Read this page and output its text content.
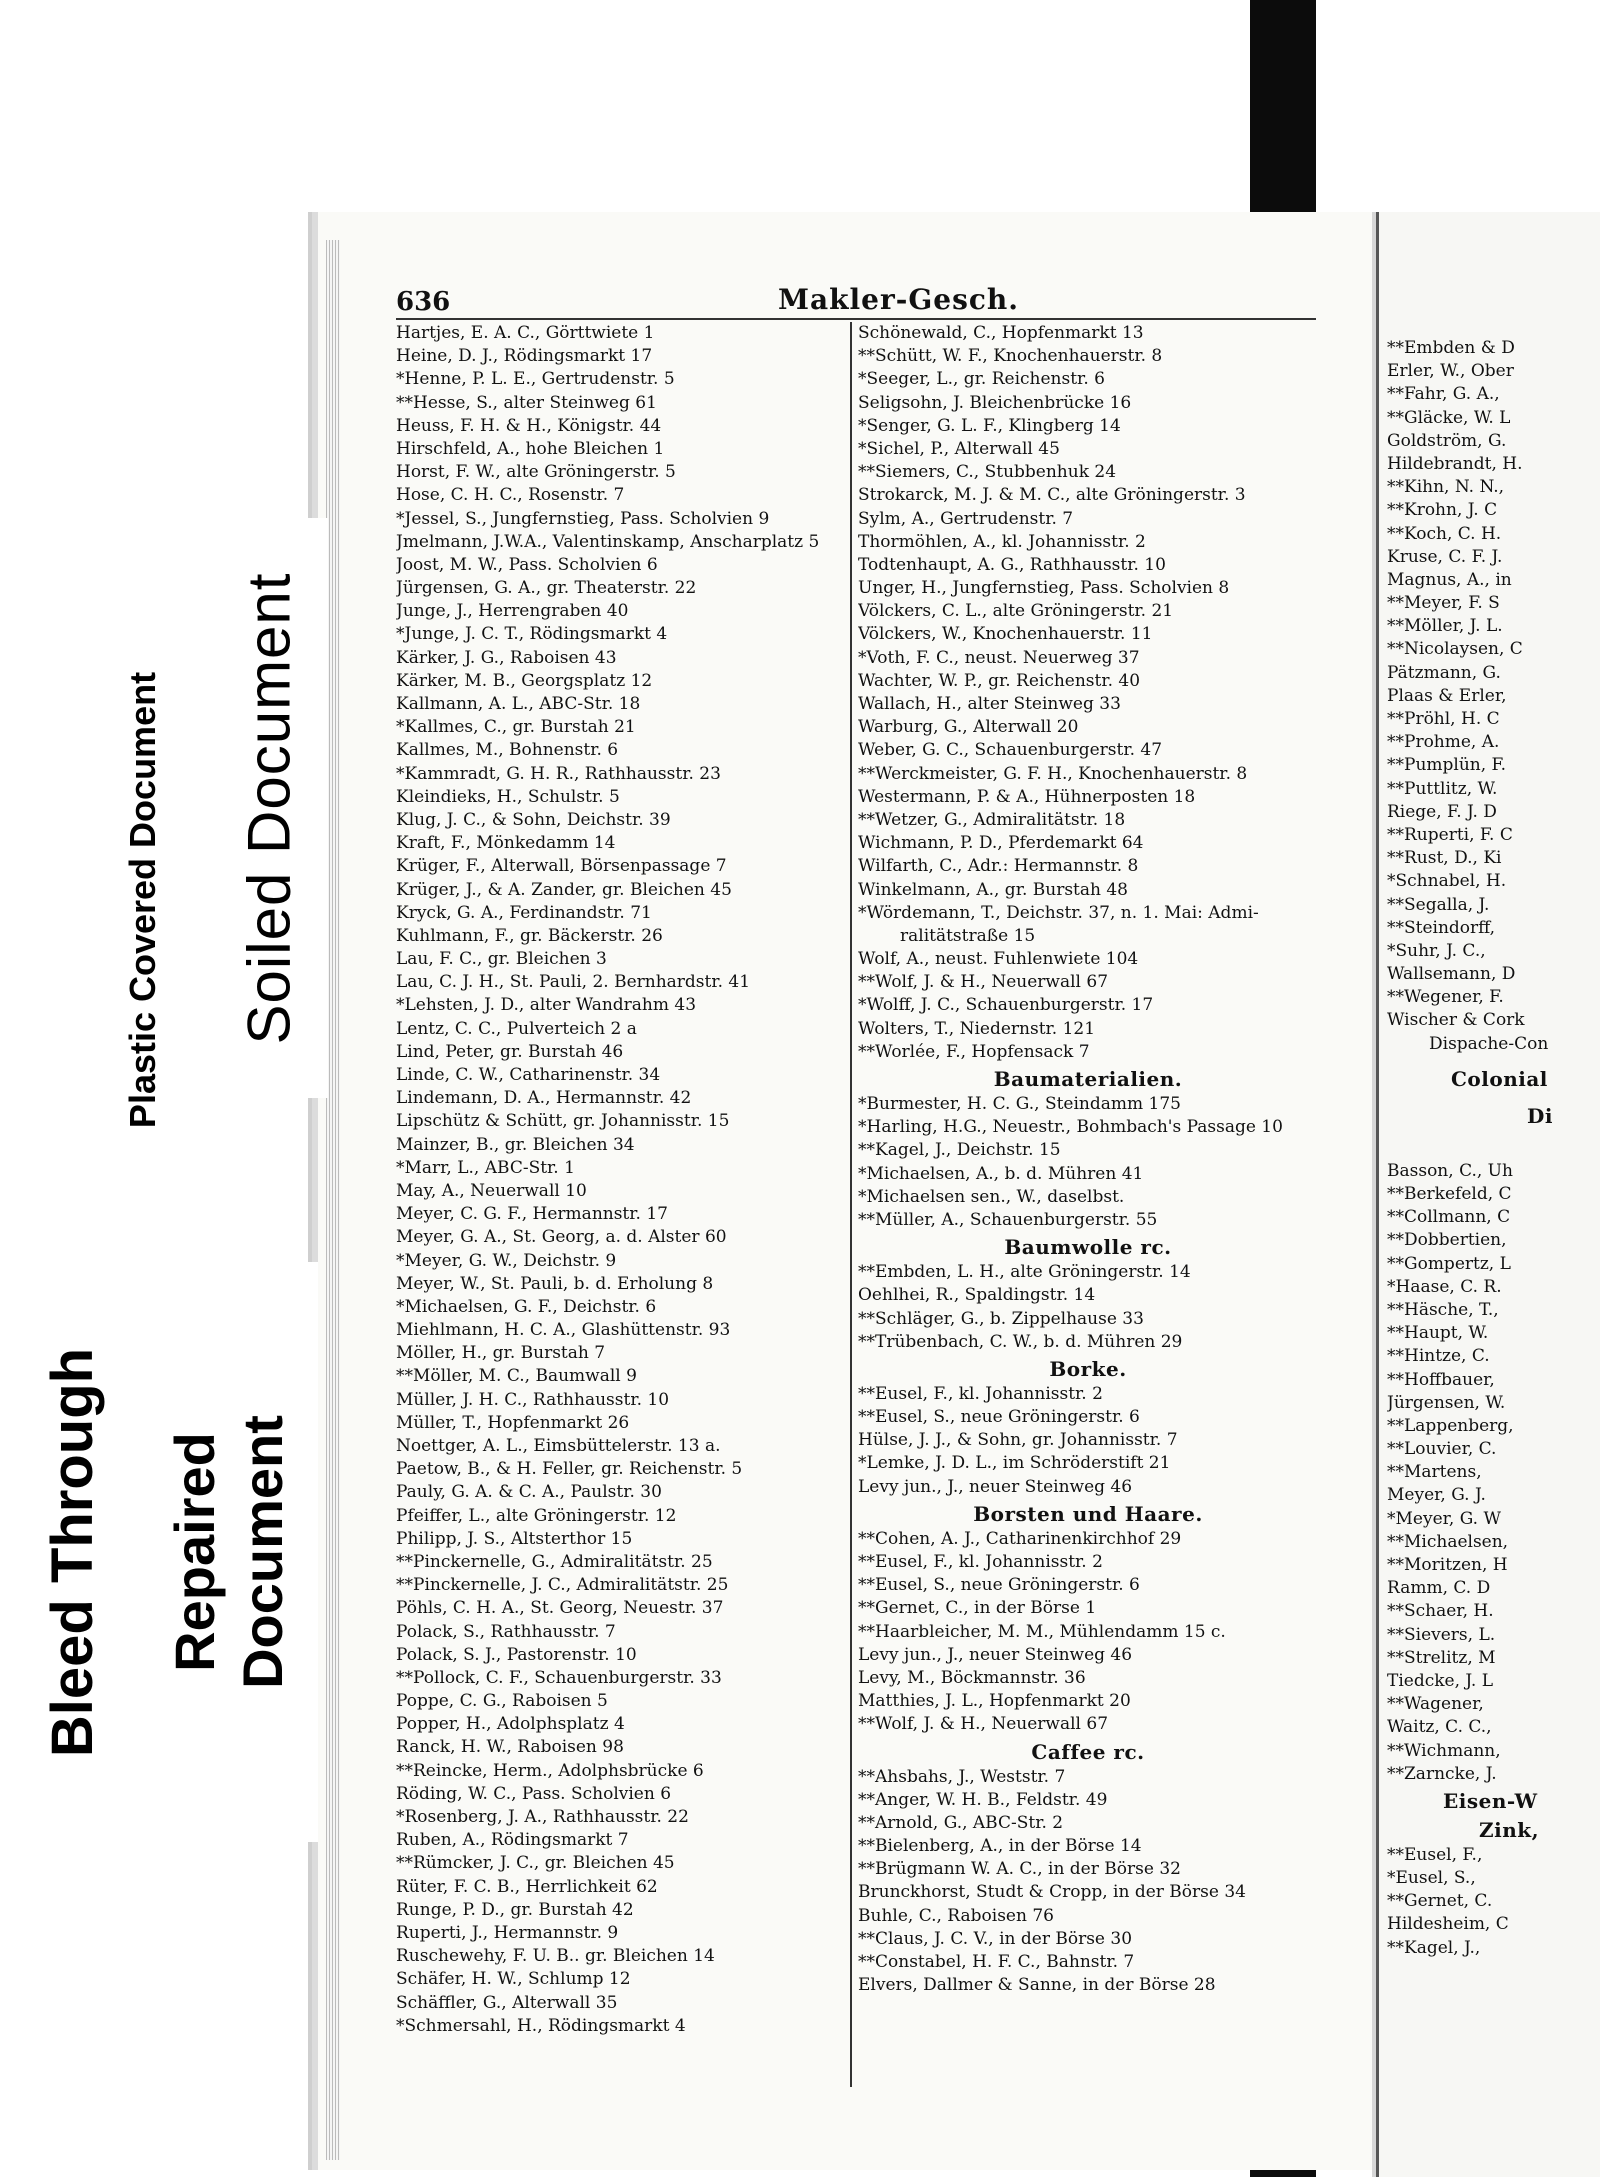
**Embden & D
Erler, W., Ober
**Fahr, G. A.,
**Gläcke, W. L
Goldström, G.
Hildebrandt, H.
**Kihn, N. N.,
**Krohn, J. C
**Koch, C. H.
Kruse, C. F. J.
Magnus, A., in
**Meyer, F. S
**Möller, J. L.
**Nicolaysen, C
Pätzmann, G.
Plaas & Erler,
**Pröhl, H. C
**Prohme, A.
**Pumplün, F.
**Puttlitz, W.
Riege, F. J. D
**Ruperti, F. C
**Rust, D., Ki
*Schnabel, H.
**Segalla, J.
**Steindorff,
*Suhr, J. C.,
Wallsemann, D
**Wegener, F.
Wischer & Cork
Dispache-Con
Colonial
Di
Basson, C., Uh
**Berkefeld, C
**Collmann, C
**Dobbertien,
**Gompertz, L
*Haase, C. R.
**Häsche, T.,
**Haupt, W.
**Hintze, C.
**Hoffbauer,
Jürgensen, W.
**Lappenberg,
**Louvier, C.
**Martens,
Meyer, G. J.
*Meyer, G. W
**Michaelsen,
**Moritzen, H
Ramm, C. D
**Schaer, H.
**Sievers, L.
**Strelitz, M
Tiedcke, J. L
**Wagener,
Waitz, C. C.,
**Wichmann,
**Zarncke, J.
Eisen-W
Zink,
**Eusel, F.,
*Eusel, S.,
**Gernet, C.
Hildesheim, C
**Kagel, J.,
636	Makler-Gesch.
Hartjes, E. A. C., Görttwiete 1
Heine, D. J., Rödingsmarkt 17
*Henne, P. L. E., Gertrudenstr. 5
**Hesse, S., alter Steinweg 61
Heuss, F. H. & H., Königstr. 44
Hirschfeld, A., hohe Bleichen 1
Horst, F. W., alte Gröningerstr. 5
Hose, C. H. C., Rosenstr. 7
*Jessel, S., Jungfernstieg, Pass. Scholvien 9
Jmelmann, J.W.A., Valentinskamp, Anscharplatz 5
Joost, M. W., Pass. Scholvien 6
Jürgensen, G. A., gr. Theaterstr. 22
Junge, J., Herrengraben 40
*Junge, J. C. T., Rödingsmarkt 4
Kärker, J. G., Raboisen 43
Kärker, M. B., Georgsplatz 12
Kallmann, A. L., ABC-Str. 18
*Kallmes, C., gr. Burstah 21
Kallmes, M., Bohnenstr. 6
*Kammradt, G. H. R., Rathhausstr. 23
Kleindieks, H., Schulstr. 5
Klug, J. C., & Sohn, Deichstr. 39
Kraft, F., Mönkedamm 14
Krüger, F., Alterwall, Börsenpassage 7
Krüger, J., & A. Zander, gr. Bleichen 45
Kryck, G. A., Ferdinandstr. 71
Kuhlmann, F., gr. Bäckerstr. 26
Lau, F. C., gr. Bleichen 3
Lau, C. J. H., St. Pauli, 2. Bernhardstr. 41
*Lehsten, J. D., alter Wandrahm 43
Lentz, C. C., Pulverteich 2 a
Lind, Peter, gr. Burstah 46
Linde, C. W., Catharinenstr. 34
Lindemann, D. A., Hermannstr. 42
Lipschütz & Schütt, gr. Johannisstr. 15
Mainzer, B., gr. Bleichen 34
*Marr, L., ABC-Str. 1
May, A., Neuerwall 10
Meyer, C. G. F., Hermannstr. 17
Meyer, G. A., St. Georg, a. d. Alster 60
*Meyer, G. W., Deichstr. 9
Meyer, W., St. Pauli, b. d. Erholung 8
*Michaelsen, G. F., Deichstr. 6
Miehlmann, H. C. A., Glashüttenstr. 93
Möller, H., gr. Burstah 7
**Möller, M. C., Baumwall 9
Müller, J. H. C., Rathhausstr. 10
Müller, T., Hopfenmarkt 26
Noettger, A. L., Eimsbüttelerstr. 13 a.
Paetow, B., & H. Feller, gr. Reichenstr. 5
Pauly, G. A. & C. A., Paulstr. 30
Pfeiffer, L., alte Gröningerstr. 12
Philipp, J. S., Altsterthor 15
**Pinckernelle, G., Admiralitätstr. 25
**Pinckernelle, J. C., Admiralitätstr. 25
Pöhls, C. H. A., St. Georg, Neuestr. 37
Polack, S., Rathhausstr. 7
Polack, S. J., Pastorenstr. 10
**Pollock, C. F., Schauenburgerstr. 33
Poppe, C. G., Raboisen 5
Popper, H., Adolphsplatz 4
Ranck, H. W., Raboisen 98
**Reincke, Herm., Adolphsbrücke 6
Röding, W. C., Pass. Scholvien 6
*Rosenberg, J. A., Rathhausstr. 22
Ruben, A., Rödingsmarkt 7
**Rümcker, J. C., gr. Bleichen 45
Rüter, F. C. B., Herrlichkeit 62
Runge, P. D., gr. Burstah 42
Ruperti, J., Hermannstr. 9
Ruschewehy, F. U. B.. gr. Bleichen 14
Schäfer, H. W., Schlump 12
Schäffler, G., Alterwall 35
*Schmersahl, H., Rödingsmarkt 4
Schönewald, C., Hopfenmarkt 13
**Schütt, W. F., Knochenhauerstr. 8
*Seeger, L., gr. Reichenstr. 6
Seligsohn, J. Bleichenbrücke 16
*Senger, G. L. F., Klingberg 14
*Sichel, P., Alterwall 45
**Siemers, C., Stubbenhuk 24
Strokarck, M. J. & M. C., alte Gröningerstr. 3
Sylm, A., Gertrudenstr. 7
Thormöhlen, A., kl. Johannisstr. 2
Todtenhaupt, A. G., Rathhausstr. 10
Unger, H., Jungfernstieg, Pass. Scholvien 8
Völckers, C. L., alte Gröningerstr. 21
Völckers, W., Knochenhauerstr. 11
*Voth, F. C., neust. Neuerweg 37
Wachter, W. P., gr. Reichenstr. 40
Wallach, H., alter Steinweg 33
Warburg, G., Alterwall 20
Weber, G. C., Schauenburgerstr. 47
**Werckmeister, G. F. H., Knochenhauerstr. 8
Westermann, P. & A., Hühnerposten 18
**Wetzer, G., Admiralitätstr. 18
Wichmann, P. D., Pferdemarkt 64
Wilfarth, C., Adr.: Hermannstr. 8
Winkelmann, A., gr. Burstah 48
*Wördemann, T., Deichstr. 37, n. 1. Mai: Admi-
ralitätstraße 15
Wolf, A., neust. Fuhlenwiete 104
**Wolf, J. & H., Neuerwall 67
*Wolff, J. C., Schauenburgerstr. 17
Wolters, T., Niedernstr. 121
**Worlée, F., Hopfensack 7
Baumaterialien.
*Burmester, H. C. G., Steindamm 175
*Harling, H.G., Neuestr., Bohmbach's Passage 10
**Kagel, J., Deichstr. 15
*Michaelsen, A., b. d. Mühren 41
*Michaelsen sen., W., daselbst.
**Müller, A., Schauenburgerstr. 55
Baumwolle rc.
**Embden, L. H., alte Gröningerstr. 14
Oehlhei, R., Spaldingstr. 14
**Schläger, G., b. Zippelhause 33
**Trübenbach, C. W., b. d. Mühren 29
Borke.
**Eusel, F., kl. Johannisstr. 2
**Eusel, S., neue Gröningerstr. 6
Hülse, J. J., & Sohn, gr. Johannisstr. 7
*Lemke, J. D. L., im Schröderstift 21
Levy jun., J., neuer Steinweg 46
Borsten und Haare.
**Cohen, A. J., Catharinenkirchhof 29
**Eusel, F., kl. Johannisstr. 2
**Eusel, S., neue Gröningerstr. 6
**Gernet, C., in der Börse 1
**Haarbleicher, M. M., Mühlendamm 15 c.
Levy jun., J., neuer Steinweg 46
Levy, M., Böckmannstr. 36
Matthies, J. L., Hopfenmarkt 20
**Wolf, J. & H., Neuerwall 67
Caffee rc.
**Ahsbahs, J., Weststr. 7
**Anger, W. H. B., Feldstr. 49
**Arnold, G., ABC-Str. 2
**Bielenberg, A., in der Börse 14
**Brügmann W. A. C., in der Börse 32
Brunckhorst, Studt & Cropp, in der Börse 34
Buhle, C., Raboisen 76
**Claus, J. C. V., in der Börse 30
**Constabel, H. F. C., Bahnstr. 7
Elvers, Dallmer & Sanne, in der Börse 28
Plastic Covered Document Soiled Document
Bleed Through Repaired Document
